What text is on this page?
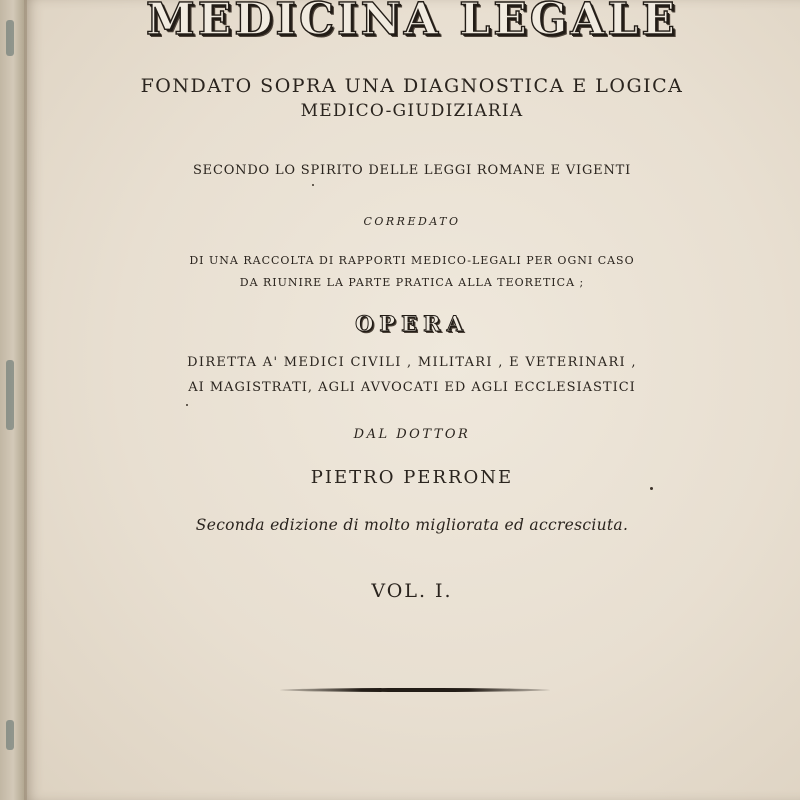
MEDICINA LEGALE
FONDATO SOPRA UNA DIAGNOSTICA E LOGICA
MEDICO-GIUDIZIARIA
SECONDO LO SPIRITO DELLE LEGGI ROMANE E VIGENTI
CORREDATO
DI UNA RACCOLTA DI RAPPORTI MEDICO-LEGALI PER OGNI CASO
DA RIUNIRE LA PARTE PRATICA ALLA TEORETICA ;
OPERA
DIRETTA A' MEDICI CIVILI , MILITARI , E VETERINARI ,
AI MAGISTRATI, AGLI AVVOCATI ED AGLI ECCLESIASTICI
DAL DOTTOR
PIETRO PERRONE
Seconda edizione di molto migliorata ed accresciuta.
VOL. I.
